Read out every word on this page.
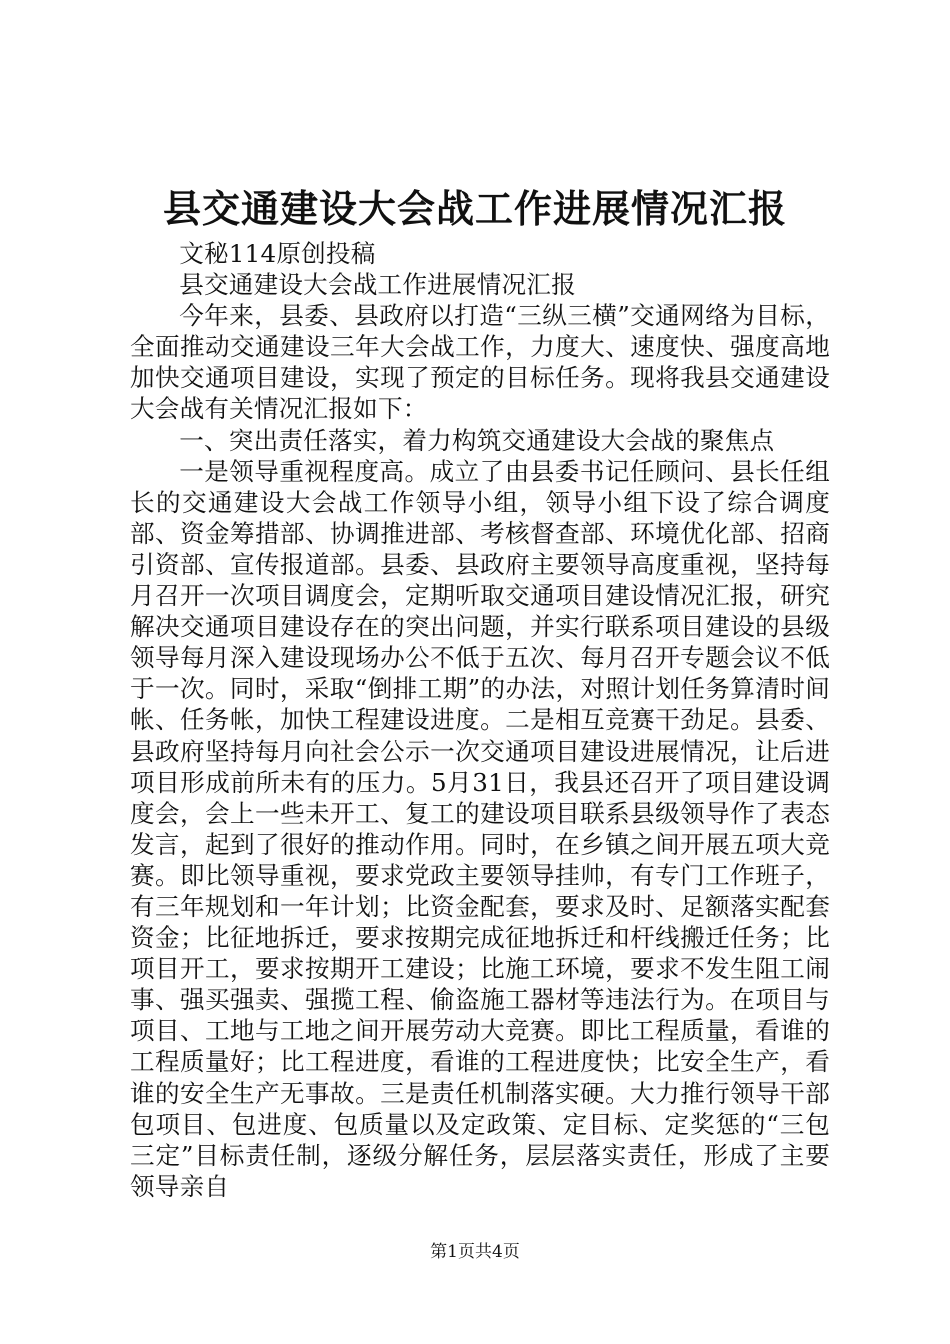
县交通建设大会战工作进展情况汇报

文秘114原创投稿

县交通建设大会战工作进展情况汇报

今年来，县委、县政府以打造“三纵三横”交通网络为目标，全面推动交通建设三年大会战工作，力度大、速度快、强度高地加快交通项目建设，实现了预定的目标任务。现将我县交通建设大会战有关情况汇报如下：

一、突出责任落实，着力构筑交通建设大会战的聚焦点

一是领导重视程度高。成立了由县委书记任顾问、县长任组长的交通建设大会战工作领导小组，领导小组下设了综合调度部、资金筹措部、协调推进部、考核督查部、环境优化部、招商引资部、宣传报道部。县委、县政府主要领导高度重视，坚持每月召开一次项目调度会，定期听取交通项目建设情况汇报，研究解决交通项目建设存在的突出问题，并实行联系项目建设的县级领导每月深入建设现场办公不低于五次、每月召开专题会议不低于一次。同时，采取“倒排工期”的办法，对照计划任务算清时间帐、任务帐，加快工程建设进度。二是相互竞赛干劲足。县委、县政府坚持每月向社会公示一次交通项目建设进展情况，让后进项目形成前所未有的压力。5月31日，我县还召开了项目建设调度会，会上一些未开工、复工的建设项目联系县级领导作了表态发言，起到了很好的推动作用。同时，在乡镇之间开展五项大竞赛。即比领导重视，要求党政主要领导挂帅，有专门工作班子，有三年规划和一年计划；比资金配套，要求及时、足额落实配套资金；比征地拆迁，要求按期完成征地拆迁和杆线搬迁任务；比项目开工，要求按期开工建设；比施工环境，要求不发生阻工闹事、强买强卖、强揽工程、偷盗施工器材等违法行为。在项目与项目、工地与工地之间开展劳动大竞赛。即比工程质量，看谁的工程质量好；比工程进度，看谁的工程进度快；比安全生产，看谁的安全生产无事故。三是责任机制落实硬。大力推行领导干部包项目、包进度、包质量以及定政策、定目标、定奖惩的“三包三定”目标责任制，逐级分解任务，层层落实责任，形成了主要领导亲自

第1页共4页
